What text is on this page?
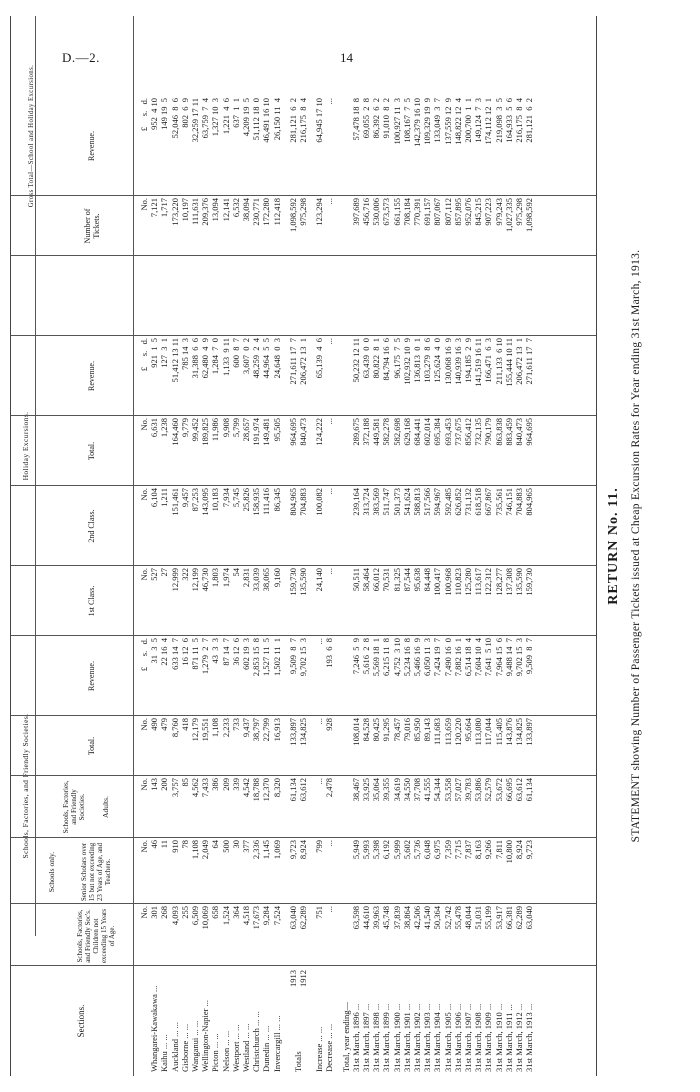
D.—2.	14
RETURN No. 11. STATEMENT showing Number of Passenger Tickets issued at Cheap Excursion Rates for Year ending 31st March, 1913.
Schools, Factories, and Friendly Societies.
Holiday Excursions.
Gross Total—School and Holiday Excursions.
Sections.
Schools, Factories, and Friendly Soc's. Children not exceeding 15 Years of Age.
Schools only.	Senior Scholars over 15 but not exceeding 23 Years of Age, and Teachers.
Schools, Factories, and Friendly Societies. Adults.
Total.
Revenue.
1st Class.
2nd Class.
Total.
Revenue.
Number of Tickets.
Revenue.
No.
No.
No.
No.
£     s.   d.
No.
No.
No.
£     s.   d.
No.
£     s.   d.
Whangarei-Kawakawa ...
301
46
143
490
31  3  5
527
6,104
6,631
921  1  5
7,121
952  4 10
Kaihu ... ...
268
11
200
479
22 16  4
27
1,211
1,238
127  3  1
1,717
149 19  5
Auckland ... ...
4,093
910
3,757
8,760
633 14  7
12,999
151,461
164,460
51,412 13 11
173,220
52,046  8  6
Gisborne ... ...
255
78
85
418
16 12  6
322
9,457
9,779
785 14  3
10,197
802  6  9
Wanganui ... ...
6,509
1,108
4,562
12,179
871 11  5
12,199
87,253
99,452
31,388  6  6
111,631
32,259 17 11
Wellington-Napier ...
10,069
2,049
7,433
19,551
1,279  2  7
46,730
143,095
189,825
62,480  4  9
209,376
63,759  7  4
Picton ... ...
658
64
386
1,108
43  3  3
1,803
10,183
11,986
1,284  7  0
13,094
1,327 10  3
Nelson ... ...
1,524
500
209
2,233
87 14  7
1,974
7,934
9,908
1,133  9 11
12,141
1,221  4  6
Westport ... ...
364
30
339
733
36 12  6
54
5,745
5,799
600  8  7
6,532
637  1  1
Westland ... ...
4,518
377
4,542
9,437
602 19  3
2,831
25,826
28,657
3,607  0  2
38,094
4,209 19  5
Christchurch ... ...
17,673
2,336
18,788
38,797
2,853 15  8
33,039
158,935
191,974
48,259  2  4
230,771
51,112 18  0
Dunedin ... ...
9,284
1,145
12,370
22,799
1,527 11  5
38,065
111,416
149,481
44,964  5  5
172,280
46,491 16 10
Invercargill ... ...
7,524
1,069
8,320
16,913
1,502 11  1
9,160
86,345
95,505
24,648  0  3
112,418
26,150 11  4
Totals
1913
63,040
9,723
61,134
133,897
9,509  8  7
159,730
804,965
964,695
271,611 17  7
1,098,592
281,121  6  2
1912
62,289
8,924
63,612
134,825
9,702 15  3
135,590
704,883
840,473
206,472 13  1
975,298
216,175  8  4
Increase ... ...
751
799
...
...
...
24,140
100,082
124,222
65,139  4  6
123,294
64,945 17 10
Decrease ... ...
...
...
2,478
928
193  6  8
...
...
...
...
...
...
Total, year ending— 31st March, 1896 ...
63,598
5,949
38,467
108,014
7,246  5  9
50,511
239,164
289,675
50,232 12 11
397,689
57,478 18  8
31st March, 1897 ...
44,610
5,993
33,925
84,528
5,616  2  8
58,464
313,724
372,188
63,439  0  0
456,716
69,055  2  8
31st March, 1898 ...
39,963
5,398
35,064
80,425
5,569 18  1
66,012
383,569
449,581
80,822  8  1
530,006
86,392  6  2
31st March, 1899 ...
45,748
6,192
39,355
91,295
6,215 11  8
70,531
511,747
582,278
84,794 16  6
673,573
91,010  8  2
31st March, 1900 ...
37,839
5,999
34,619
78,457
4,752  3 10
81,325
501,373
582,698
96,175  7  5
661,155
100,927 11  3
31st March, 1901 ...
38,864
5,602
34,550
79,016
5,234 16  8
87,544
541,624
629,168
102,932 10  9
708,184
108,167  7  5
31st March, 1902 ...
42,506
5,736
37,708
85,950
5,466 16  9
95,638
588,813
684,441
136,813  0  1
770,391
142,379 16 10
31st March, 1903 ...
41,540
6,048
41,555
89,143
6,050 11  3
84,448
517,566
602,014
103,279  8  6
691,157
109,329 19  9
31st March, 1904 ...
50,364
6,975
54,344
111,683
7,424 19  7
100,417
594,967
695,384
125,624  4  0
807,067
133,049  3  7
31st March, 1905 ...
52,742
7,359
53,558
113,659
7,490 16  0
100,968
592,485
693,453
130,068 16  9
807,112
137,559 12  9
31st March, 1906 ...
55,478
7,715
57,027
120,220
7,882 16  1
110,823
626,852
737,675
140,939 16  3
857,895
148,822 12  4
31st March, 1907 ...
48,044
7,837
39,783
95,664
6,514 18  4
125,280
731,132
856,412
194,185  2  9
952,076
200,700  1  1
31st March, 1908 ...
51,031
8,163
53,886
113,080
7,604 10  4
113,617
618,518
732,135
141,519 16 11
845,215
149,124  7  3
31st March, 1909 ...
55,199
9,266
52,579
117,044
7,641  5 10
122,312
667,867
790,179
166,471  6  3
907,223
174,112 12  1
31st March, 1910 ...
53,917
7,811
53,672
115,405
7,964 15  6
128,277
735,561
863,838
211,133  6 10
979,243
219,098  3  5
31st March, 1911 ...
66,381
10,800
66,695
143,876
9,488 14  7
137,308
746,151
883,459
155,444 10 11
1,027,335
164,933  5  6
31st March, 1912 ...
62,289
8,924
63,612
134,825
9,702 15  3
135,590
704,883
840,473
206,472 13  1
975,298
216,175  8  4
31st March, 1913 ...
63,040
9,723
61,134
133,897
9,509  8  7
159,730
804,965
964,695
271,611 17  7
1,098,592
281,121  6  2
